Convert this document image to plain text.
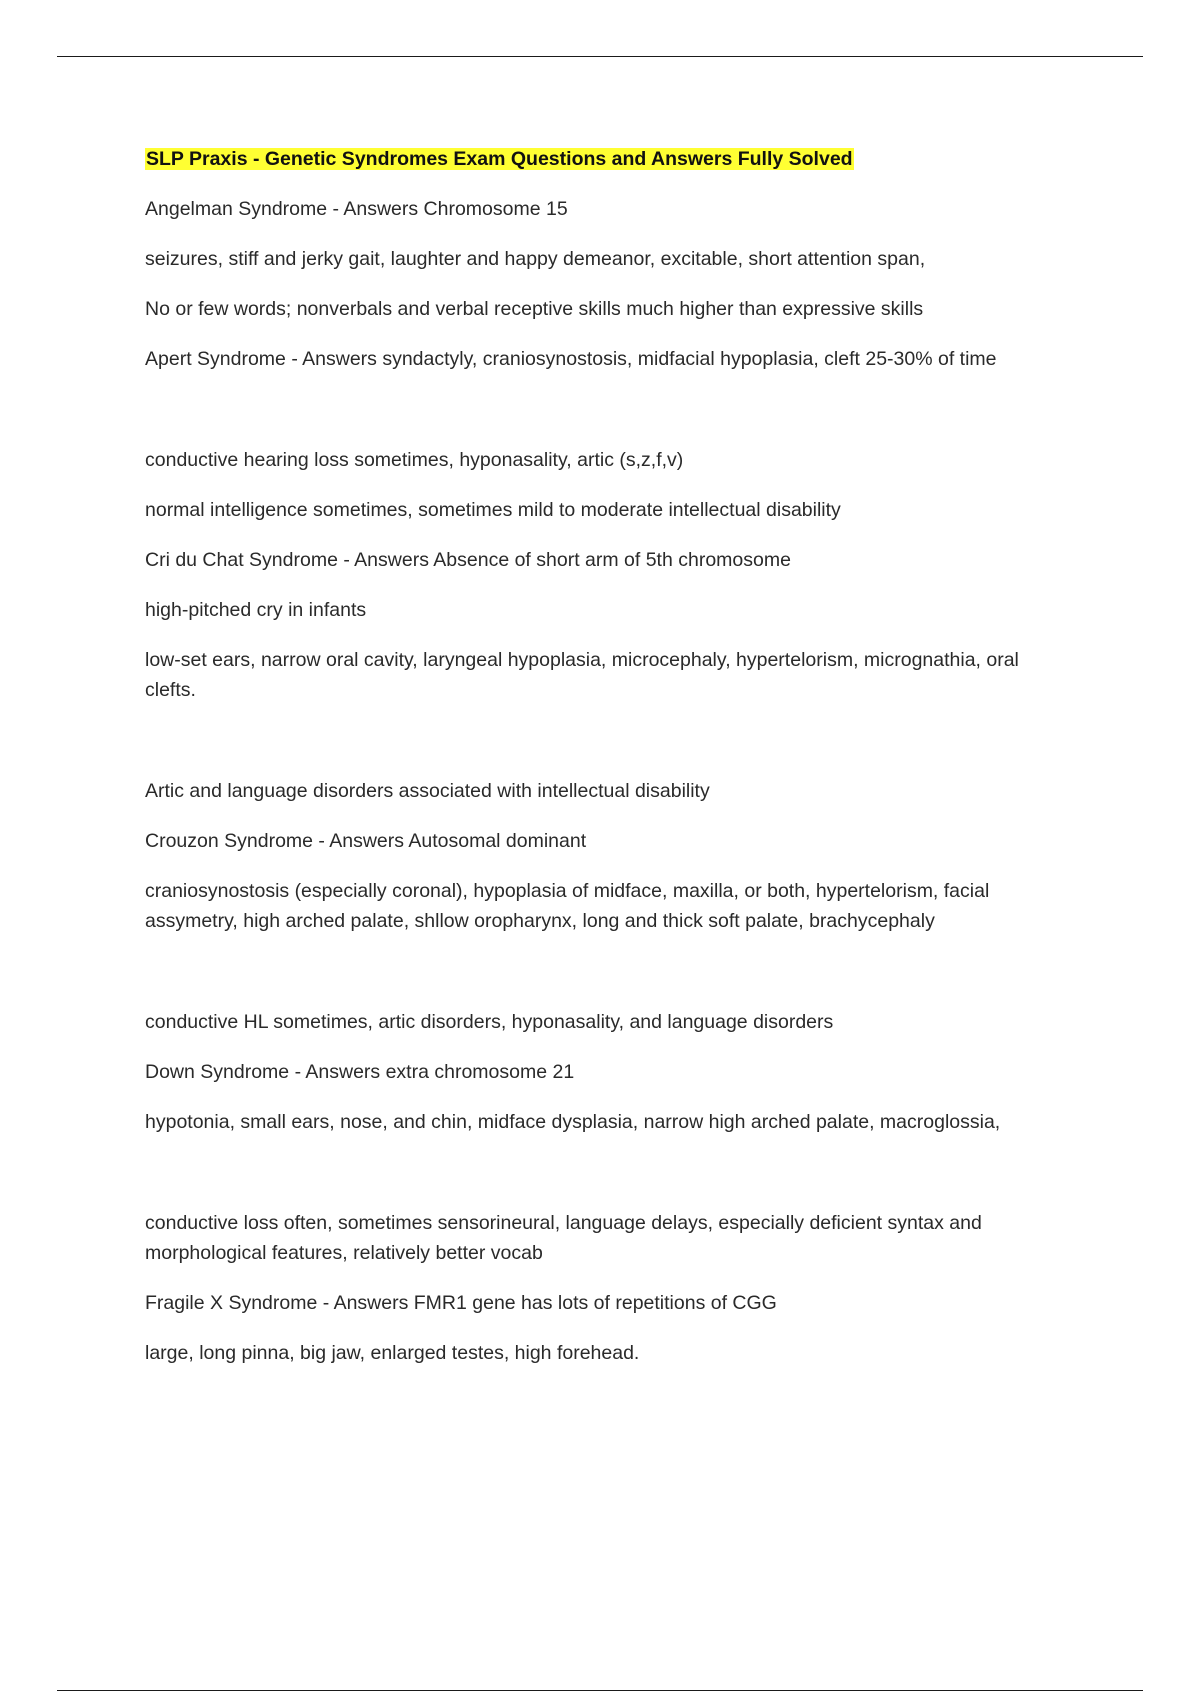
SLP Praxis - Genetic Syndromes Exam Questions and Answers Fully Solved

Angelman Syndrome - Answers Chromosome 15

seizures, stiff and jerky gait, laughter and happy demeanor, excitable, short attention span,

No or few words; nonverbals and verbal receptive skills much higher than expressive skills

Apert Syndrome - Answers syndactyly, craniosynostosis, midfacial hypoplasia, cleft 25-30% of time

conductive hearing loss sometimes, hyponasality, artic (s,z,f,v)

normal intelligence sometimes, sometimes mild to moderate intellectual disability

Cri du Chat Syndrome - Answers Absence of short arm of 5th chromosome

high-pitched cry in infants

low-set ears, narrow oral cavity, laryngeal hypoplasia, microcephaly, hypertelorism, micrognathia, oral clefts.

Artic and language disorders associated with intellectual disability

Crouzon Syndrome - Answers Autosomal dominant

craniosynostosis (especially coronal), hypoplasia of midface, maxilla, or both, hypertelorism, facial assymetry, high arched palate, shllow oropharynx, long and thick soft palate, brachycephaly

conductive HL sometimes, artic disorders, hyponasality, and language disorders

Down Syndrome - Answers extra chromosome 21

hypotonia, small ears, nose, and chin, midface dysplasia, narrow high arched palate, macroglossia,

conductive loss often, sometimes sensorineural, language delays, especially deficient syntax and morphological features, relatively better vocab

Fragile X Syndrome - Answers FMR1 gene has lots of repetitions of CGG

large, long pinna, big jaw, enlarged testes, high forehead.
